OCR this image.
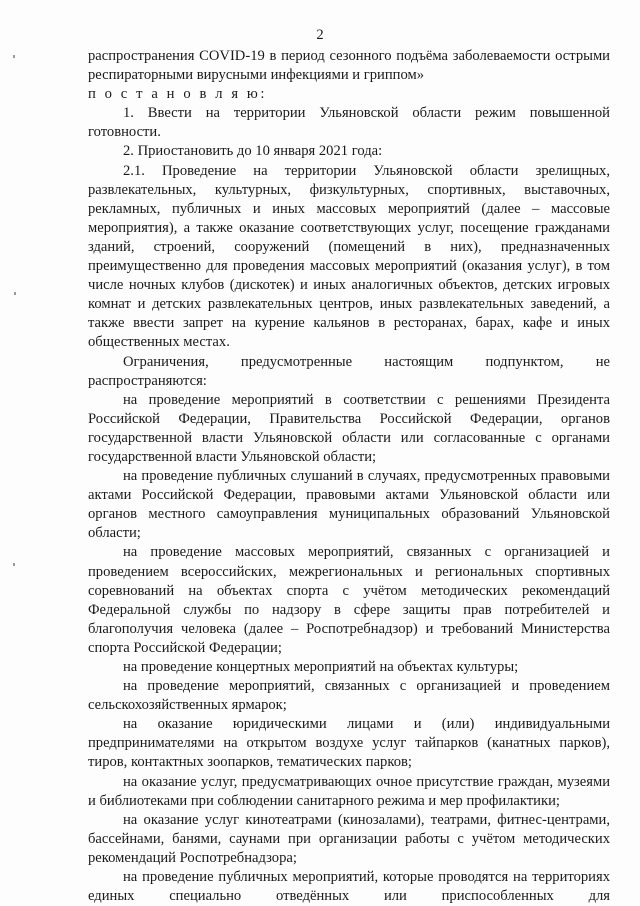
2

распространения COVID-19 в период сезонного подъёма заболеваемости острыми респираторными вирусными инфекциями и гриппом»

п о с т а н о в л я ю:

1. Ввести на территории Ульяновской области режим повышенной готовности.

2. Приостановить до 10 января 2021 года:

2.1. Проведение на территории Ульяновской области зрелищных, развлекательных, культурных, физкультурных, спортивных, выставочных, рекламных, публичных и иных массовых мероприятий (далее – массовые мероприятия), а также оказание соответствующих услуг, посещение гражданами зданий, строений, сооружений (помещений в них), предназначенных преимущественно для проведения массовых мероприятий (оказания услуг), в том числе ночных клубов (дискотек) и иных аналогичных объектов, детских игровых комнат и детских развлекательных центров, иных развлекательных заведений, а также ввести запрет на курение кальянов в ресторанах, барах, кафе и иных общественных местах.

Ограничения, предусмотренные настоящим подпунктом, не распространяются:

на проведение мероприятий в соответствии с решениями Президента Российской Федерации, Правительства Российской Федерации, органов государственной власти Ульяновской области или согласованные с органами государственной власти Ульяновской области;

на проведение публичных слушаний в случаях, предусмотренных правовыми актами Российской Федерации, правовыми актами Ульяновской области или органов местного самоуправления муниципальных образований Ульяновской области;

на проведение массовых мероприятий, связанных с организацией и проведением всероссийских, межрегиональных и региональных спортивных соревнований на объектах спорта с учётом методических рекомендаций Федеральной службы по надзору в сфере защиты прав потребителей и благополучия человека (далее – Роспотребнадзор) и требований Министерства спорта Российской Федерации;

на проведение концертных мероприятий на объектах культуры;

на проведение мероприятий, связанных с организацией и проведением сельскохозяйственных ярмарок;

на оказание юридическими лицами и (или) индивидуальными предпринимателями на открытом воздухе услуг тайпарков (канатных парков), тиров, контактных зоопарков, тематических парков;

на оказание услуг, предусматривающих очное присутствие граждан, музеями и библиотеками при соблюдении санитарного режима и мер профилактики;

на оказание услуг кинотеатрами (кинозалами), театрами, фитнес-центрами, бассейнами, банями, саунами при организации работы с учётом методических рекомендаций Роспотребнадзора;

на проведение публичных мероприятий, которые проводятся на территориях единых специально отведённых или приспособленных для
